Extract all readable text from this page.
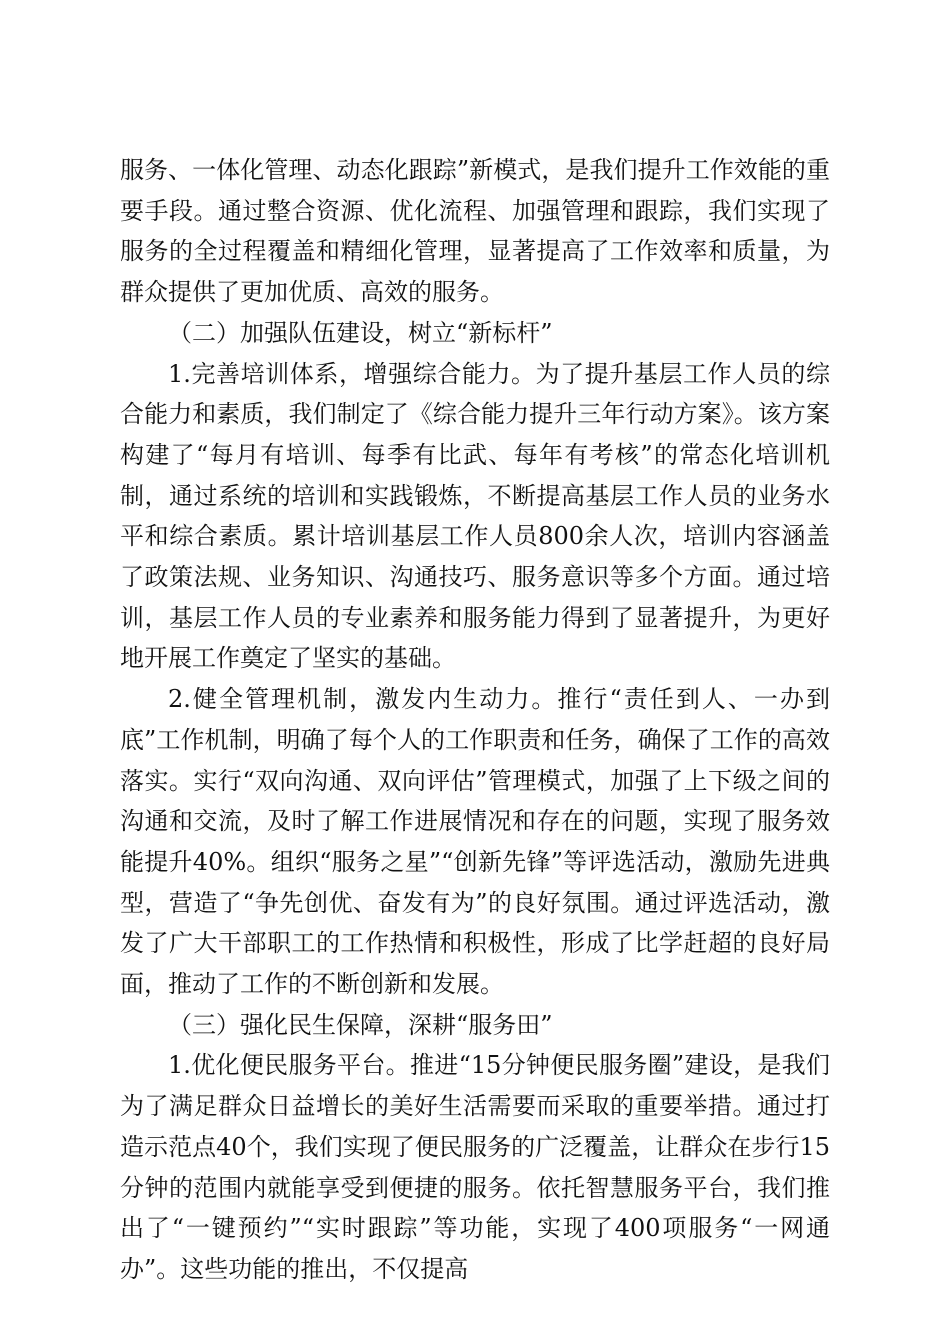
服务、一体化管理、动态化跟踪”新模式，是我们提升工作效能的重要手段。通过整合资源、优化流程、加强管理和跟踪，我们实现了服务的全过程覆盖和精细化管理，显著提高了工作效率和质量，为群众提供了更加优质、高效的服务。

（二）加强队伍建设，树立“新标杆”

1.完善培训体系，增强综合能力。为了提升基层工作人员的综合能力和素质，我们制定了《综合能力提升三年行动方案》。该方案构建了“每月有培训、每季有比武、每年有考核”的常态化培训机制，通过系统的培训和实践锻炼，不断提高基层工作人员的业务水平和综合素质。累计培训基层工作人员800余人次，培训内容涵盖了政策法规、业务知识、沟通技巧、服务意识等多个方面。通过培训，基层工作人员的专业素养和服务能力得到了显著提升，为更好地开展工作奠定了坚实的基础。

2.健全管理机制，激发内生动力。推行“责任到人、一办到底”工作机制，明确了每个人的工作职责和任务，确保了工作的高效落实。实行“双向沟通、双向评估”管理模式，加强了上下级之间的沟通和交流，及时了解工作进展情况和存在的问题，实现了服务效能提升40%。组织“服务之星”“创新先锋”等评选活动，激励先进典型，营造了“争先创优、奋发有为”的良好氛围。通过评选活动，激发了广大干部职工的工作热情和积极性，形成了比学赶超的良好局面，推动了工作的不断创新和发展。

（三）强化民生保障，深耕“服务田”

1.优化便民服务平台。推进“15分钟便民服务圈”建设，是我们为了满足群众日益增长的美好生活需要而采取的重要举措。通过打造示范点40个，我们实现了便民服务的广泛覆盖，让群众在步行15分钟的范围内就能享受到便捷的服务。依托智慧服务平台，我们推出了“一键预约”“实时跟踪”等功能，实现了400项服务“一网通办”。这些功能的推出，不仅提高
